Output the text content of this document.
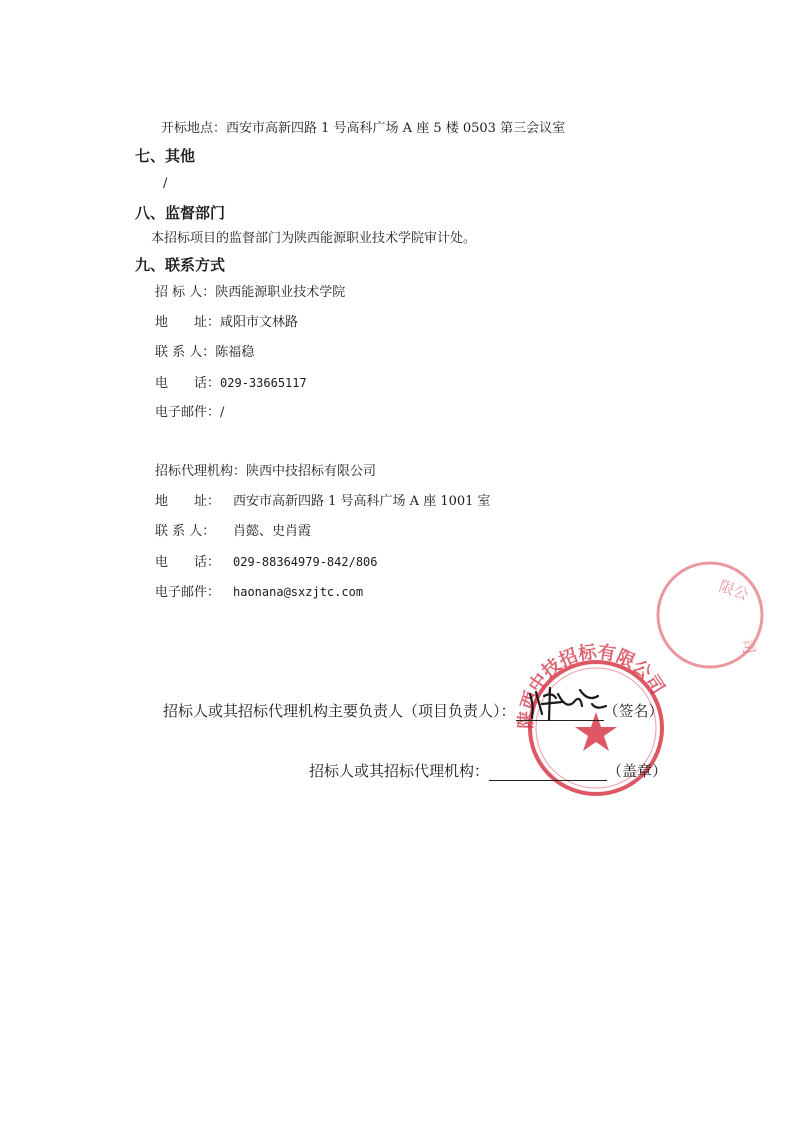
开标地点：西安市高新四路 1 号高科广场 A 座 5 楼 0503 第三会议室
七、其他
/
八、监督部门
本招标项目的监督部门为陕西能源职业技术学院审计处。
九、联系方式
招 标 人：陕西能源职业技术学院
地　　址：咸阳市文林路
联 系 人：陈福稳
电　　话：029-33665117
电子邮件：/
招标代理机构：陕西中技招标有限公司
地　　址： 西安市高新四路 1 号高科广场 A 座 1001 室
联 系 人： 肖懿、史肖霞
电　　话： 029-88364979-842/806
电子邮件： haonana@sxzjtc.com
陕西中技招标有限公司
限公
司
招标人或其招标代理机构主要负责人（项目负责人）：	（签名）
招标人或其招标代理机构：	（盖章）
